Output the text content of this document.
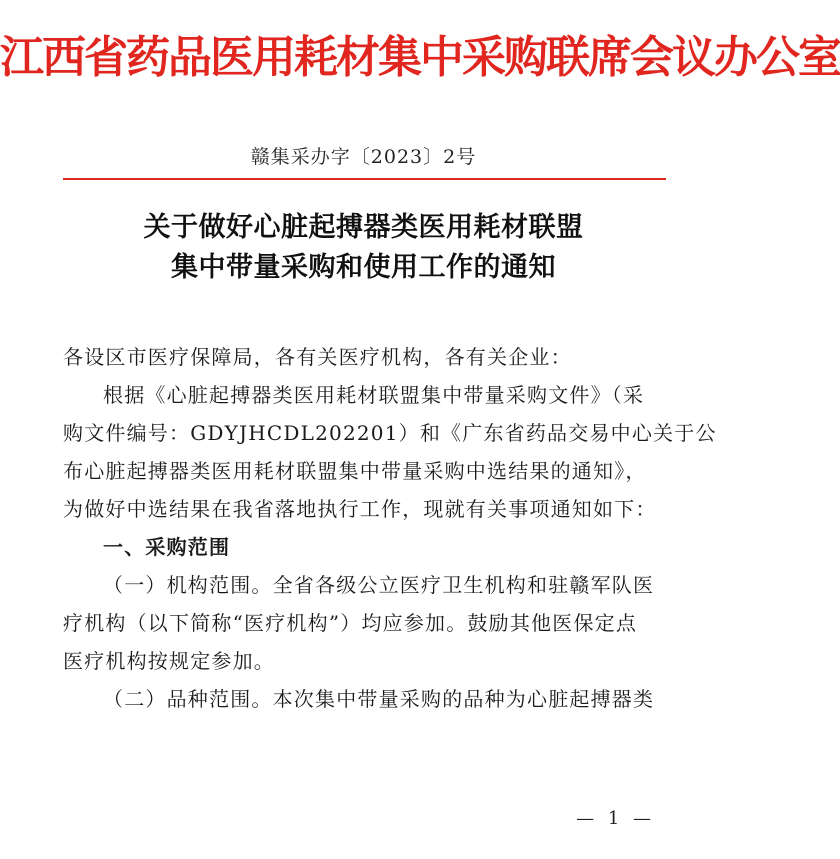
江西省药品医用耗材集中采购联席会议办公室
赣集采办字〔2023〕2号
关于做好心脏起搏器类医用耗材联盟
集中带量采购和使用工作的通知
各设区市医疗保障局，各有关医疗机构，各有关企业：
根据《心脏起搏器类医用耗材联盟集中带量采购文件》（采
购文件编号：GDYJHCDL202201）和《广东省药品交易中心关于公
布心脏起搏器类医用耗材联盟集中带量采购中选结果的通知》，
为做好中选结果在我省落地执行工作，现就有关事项通知如下：
一、采购范围
（一）机构范围。全省各级公立医疗卫生机构和驻赣军队医
疗机构（以下简称“医疗机构”）均应参加。鼓励其他医保定点
医疗机构按规定参加。
（二）品种范围。本次集中带量采购的品种为心脏起搏器类
— 1 —
